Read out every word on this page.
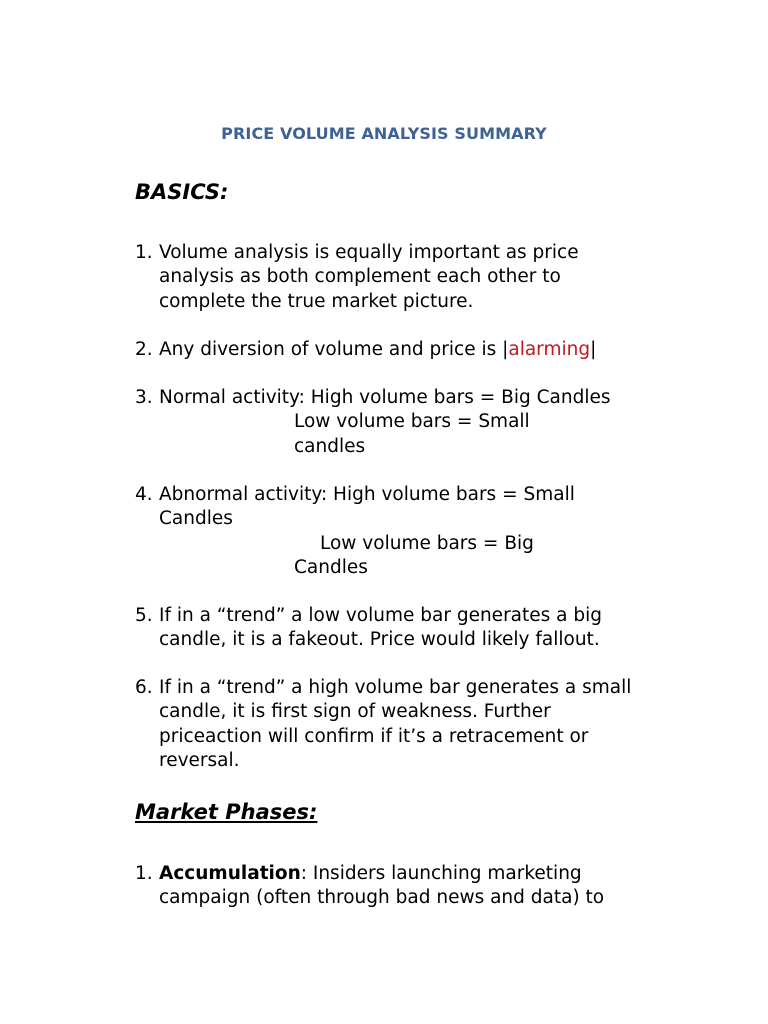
PRICE VOLUME ANALYSIS SUMMARY
BASICS:
1. Volume analysis is equally important as price
analysis as both complement each other to
complete the true market picture.
2. Any diversion of volume and price is |alarming|
3. Normal activity: High volume bars = Big Candles
Low volume bars = Small
candles
4. Abnormal activity: High volume bars = Small
Candles
Low volume bars = Big
Candles
5. If in a “trend” a low volume bar generates a big
candle, it is a fakeout. Price would likely fallout.
6. If in a “trend” a high volume bar generates a small
candle, it is first sign of weakness. Further
priceaction will confirm if it’s a retracement or
reversal.
Market Phases:
1. Accumulation: Insiders launching marketing
campaign (often through bad news and data) to
